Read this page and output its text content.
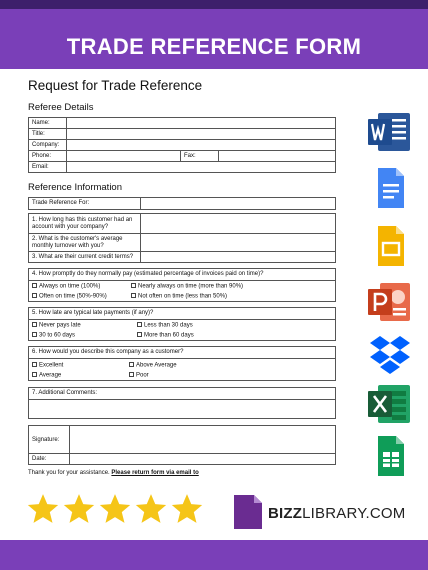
TRADE REFERENCE FORM
Request for Trade Reference
Referee Details
Name:			
Title:			
Company:			
Phone:		Fax:	
Email:			
Reference Information
Trade Reference For:	
1. How long has this customer had an account with your company?	
2. What is the customer's average monthly turnover with you?	
3. What are their current credit terms?	
4. How promptly do they normally pay (estimated percentage of invoices paid on time)?
Always on time (100%)	Nearly always on time (more than 90%)
Often on time (50%-90%)	Not often on time (less than 50%)
5. How late are typical late payments (if any)?
Never pays late	Less than 30 days
30 to 60 days	More than 60 days
6. How would you describe this company as a customer?
Excellent	Above Average
Average	Poor
7. Additional Comments:
Signature:
Date:
Thank you for your assistance. Please return form via email to
BIZZLIBRARY.COM
